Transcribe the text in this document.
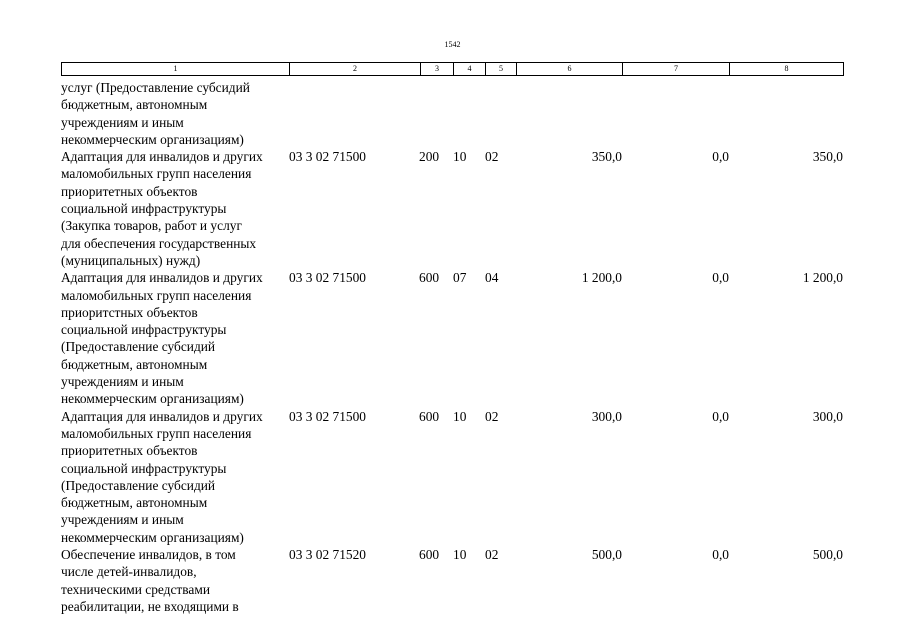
1542
1	2	3	4	5	6	7	8
услуг (Предоставление субсидий
бюджетным, автономным
учреждениям и иным
некоммерческим организациям)
Адаптация для инвалидов и других
маломобильных групп населения
приоритетных объектов
социальной инфраструктуры
(Закупка товаров, работ и услуг
для обеспечения государственных
(муниципальных) нужд)
03 3 02 71500	200 10 02	350,0	0,0	350,0
Адаптация для инвалидов и других
маломобильных групп населения
приоритстных объектов
социальной инфраструктуры
(Предоставление субсидий
бюджетным, автономным
учреждениям и иным
некоммерческим организациям)
03 3 02 71500	600 07 04	1 200,0	0,0	1 200,0
Адаптация для инвалидов и других
маломобильных групп населения
приоритетных объектов
социальной инфраструктуры
(Предоставление субсидий
бюджетным, автономным
учреждениям и иным
некоммерческим организациям)
03 3 02 71500	600 10 02	300,0	0,0	300,0
Обеспечение инвалидов, в том
числе детей-инвалидов,
техническими средствами
реабилитации, не входящими в
03 3 02 71520	600 10 02	500,0	0,0	500,0
